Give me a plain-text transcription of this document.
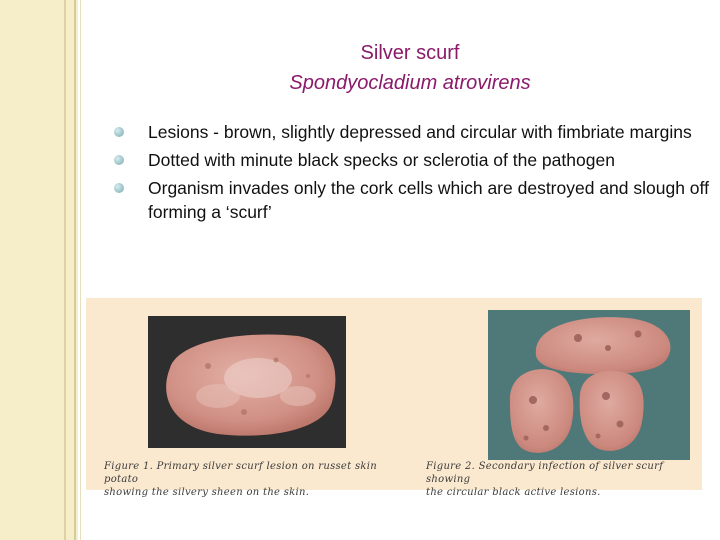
Silver scurf
Spondyocladium atrovirens
Lesions - brown, slightly depressed and circular with fimbriate margins
Dotted with minute black specks or sclerotia of the pathogen
Organism invades only the cork cells which are destroyed and slough off forming a ‘scurf’
Figure 1. Primary silver scurf lesion on russet skin potato
showing the silvery sheen on the skin.
Figure 2. Secondary infection of silver scurf showing
the circular black active lesions.
